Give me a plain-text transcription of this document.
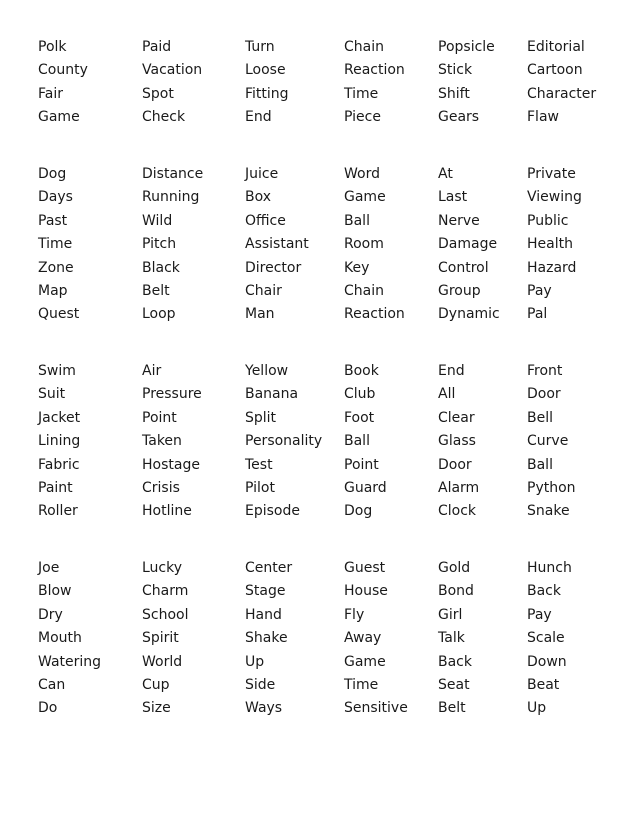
Polk
County
Fair
Game
Paid
Vacation
Spot
Check
Turn
Loose
Fitting
End
Chain
Reaction
Time
Piece
Popsicle
Stick
Shift
Gears
Editorial
Cartoon
Character
Flaw
Dog
Days
Past
Time
Zone
Map
Quest
Distance
Running
Wild
Pitch
Black
Belt
Loop
Juice
Box
Office
Assistant
Director
Chair
Man
Word
Game
Ball
Room
Key
Chain
Reaction
At
Last
Nerve
Damage
Control
Group
Dynamic
Private
Viewing
Public
Health
Hazard
Pay
Pal
Swim
Suit
Jacket
Lining
Fabric
Paint
Roller
Air
Pressure
Point
Taken
Hostage
Crisis
Hotline
Yellow
Banana
Split
Personality
Test
Pilot
Episode
Book
Club
Foot
Ball
Point
Guard
Dog
End
All
Clear
Glass
Door
Alarm
Clock
Front
Door
Bell
Curve
Ball
Python
Snake
Joe
Blow
Dry
Mouth
Watering
Can
Do
Lucky
Charm
School
Spirit
World
Cup
Size
Center
Stage
Hand
Shake
Up
Side
Ways
Guest
House
Fly
Away
Game
Time
Sensitive
Gold
Bond
Girl
Talk
Back
Seat
Belt
Hunch
Back
Pay
Scale
Down
Beat
Up
